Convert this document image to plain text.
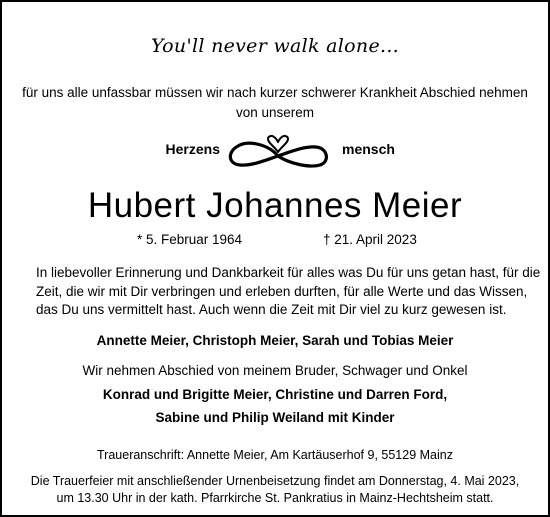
You'll never walk alone...
für uns alle unfassbar müssen wir nach kurzer schwerer Krankheit Abschied nehmen
von unserem
Herzens	mensch
Hubert Johannes Meier
* 5. Februar 1964	† 21. April 2023
In liebevoller Erinnerung und Dankbarkeit für alles was Du für uns getan hast, für die
Zeit, die wir mit Dir verbringen und erleben durften, für alle Werte und das Wissen,
das Du uns vermittelt hast. Auch wenn die Zeit mit Dir viel zu kurz gewesen ist.
Annette Meier, Christoph Meier, Sarah und Tobias Meier
Wir nehmen Abschied von meinem Bruder, Schwager und Onkel
Konrad und Brigitte Meier, Christine und Darren Ford,
Sabine und Philip Weiland mit Kinder
Traueranschrift: Annette Meier, Am Kartäuserhof 9, 55129 Mainz
Die Trauerfeier mit anschließender Urnenbeisetzung findet am Donnerstag, 4. Mai 2023,
um 13.30 Uhr in der kath. Pfarrkirche St. Pankratius in Mainz-Hechtsheim statt.
